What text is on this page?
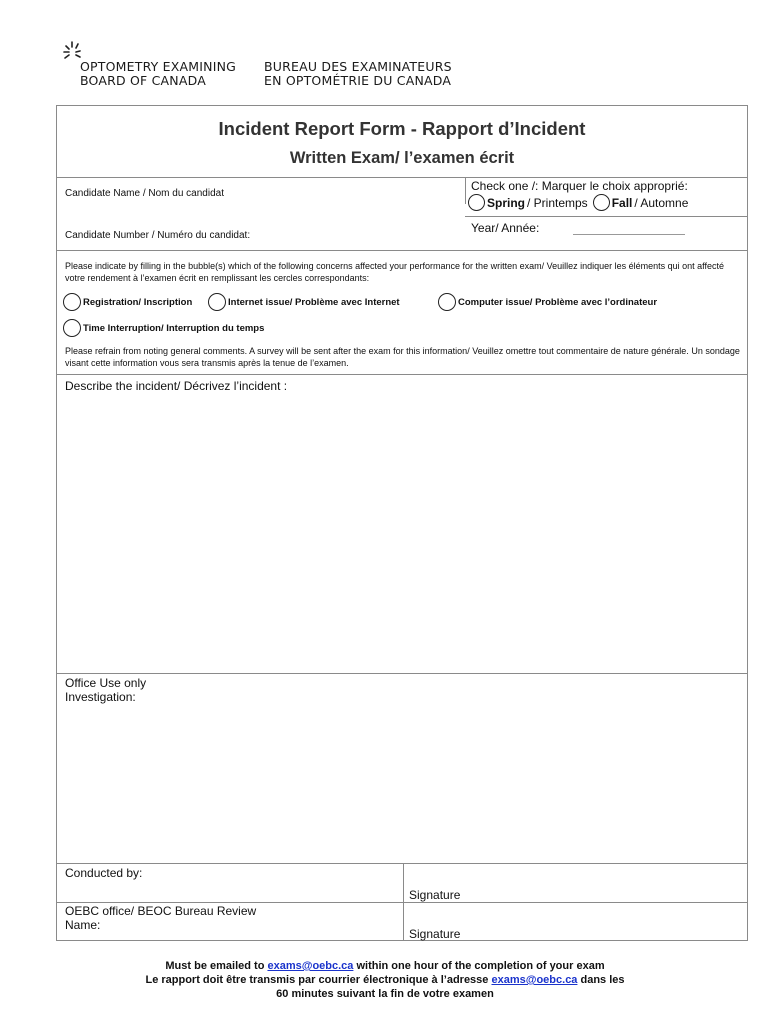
OPTOMETRY EXAMINING
BOARD OF CANADA
BUREAU DES EXAMINATEURS
EN OPTOMÉTRIE DU CANADA
Incident Report Form - Rapport d’Incident
Written Exam/ l’examen écrit
Candidate Name / Nom du candidat
Candidate Number / Numéro du candidat:
Check one /: Marquer le choix approprié:
Spring / Printemps Fall / Automne
Year/ Année:
Please indicate by filling in the bubble(s) which of the following concerns affected your performance for the written exam/ Veuillez indiquer les éléments qui ont affecté votre rendement à l’examen écrit en remplissant les cercles correspondants:
Registration/ Inscription	Internet issue/ Problème avec Internet	Computer issue/ Problème avec l’ordinateur
Time Interruption/ Interruption du temps
Please refrain from noting general comments. A survey will be sent after the exam for this information/ Veuillez omettre tout commentaire de nature générale. Un sondage visant cette information vous sera transmis après la tenue de l’examen.
Describe the incident/ Décrivez l’incident :
Office Use only
Investigation:
Conducted by:
Signature
OEBC office/ BEOC Bureau Review
Name:
Signature
Must be emailed to exams@oebc.ca within one hour of the completion of your exam
Le rapport doit être transmis par courrier électronique à l’adresse exams@oebc.ca dans les
60 minutes suivant la fin de votre examen
